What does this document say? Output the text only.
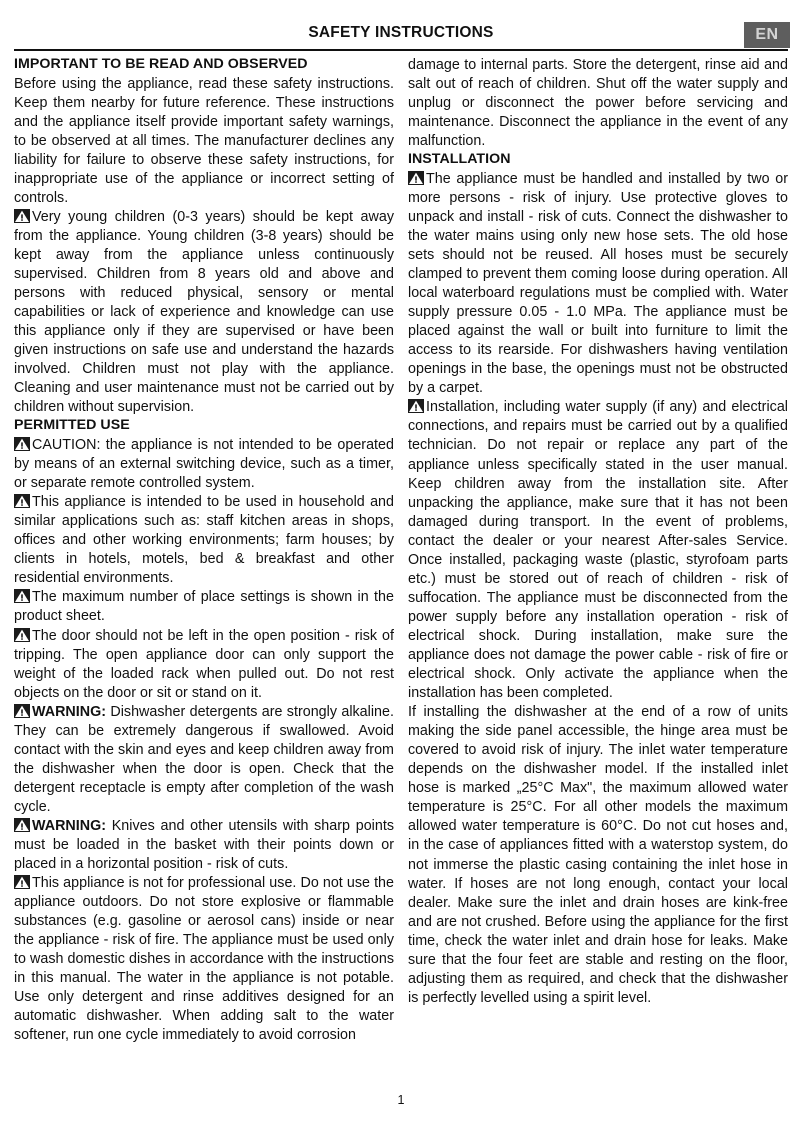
SAFETY INSTRUCTIONS	EN
IMPORTANT TO BE READ AND OBSERVED

Before using the appliance, read these safety instructions. Keep them nearby for future reference. These instructions and the appliance itself provide important safety warnings, to be observed at all times. The manufacturer declines any liability for failure to observe these safety instructions, for inappropriate use of the appliance or incorrect setting of controls.

Very young children (0-3 years) should be kept away from the appliance. Young children (3-8 years) should be kept away from the appliance unless continuously supervised. Children from 8 years old and above and persons with reduced physical, sensory or mental capabilities or lack of experience and knowledge can use this appliance only if they are supervised or have been given instructions on safe use and understand the hazards involved. Children must not play with the appliance. Cleaning and user maintenance must not be carried out by children without supervision.

PERMITTED USE

CAUTION: the appliance is not intended to be operated by means of an external switching device, such as a timer, or separate remote controlled system.

This appliance is intended to be used in household and similar applications such as: staff kitchen areas in shops, offices and other working environments; farm houses; by clients in hotels, motels, bed & breakfast and other residential environments.

The maximum number of place settings is shown in the product sheet.

The door should not be left in the open position - risk of tripping. The open appliance door can only support the weight of the loaded rack when pulled out. Do not rest objects on the door or sit or stand on it.

WARNING: Dishwasher detergents are strongly alkaline. They can be extremely dangerous if swallowed. Avoid contact with the skin and eyes and keep children away from the dishwasher when the door is open. Check that the detergent receptacle is empty after completion of the wash cycle.

WARNING: Knives and other utensils with sharp points must be loaded in the basket with their points down or placed in a horizontal position - risk of cuts.

This appliance is not for professional use. Do not use the appliance outdoors. Do not store explosive or flammable substances (e.g. gasoline or aerosol cans) inside or near the appliance - risk of fire. The appliance must be used only to wash domestic dishes in accordance with the instructions in this manual. The water in the appliance is not potable. Use only detergent and rinse additives designed for an automatic dishwasher. When adding salt to the water softener, run one cycle immediately to avoid corrosion

damage to internal parts. Store the detergent, rinse aid and salt out of reach of children. Shut off the water supply and unplug or disconnect the power before servicing and maintenance. Disconnect the appliance in the event of any malfunction.

INSTALLATION

The appliance must be handled and installed by two or more persons - risk of injury. Use protective gloves to unpack and install - risk of cuts. Connect the dishwasher to the water mains using only new hose sets. The old hose sets should not be reused. All hoses must be securely clamped to prevent them coming loose during operation. All local waterboard regulations must be complied with. Water supply pressure 0.05 - 1.0 MPa. The appliance must be placed against the wall or built into furniture to limit the access to its rearside. For dishwashers having ventilation openings in the base, the openings must not be obstructed by a carpet.

Installation, including water supply (if any) and electrical connections, and repairs must be carried out by a qualified technician. Do not repair or replace any part of the appliance unless specifically stated in the user manual. Keep children away from the installation site. After unpacking the appliance, make sure that it has not been damaged during transport. In the event of problems, contact the dealer or your nearest After-sales Service. Once installed, packaging waste (plastic, styrofoam parts etc.) must be stored out of reach of children - risk of suffocation. The appliance must be disconnected from the power supply before any installation operation - risk of electrical shock. During installation, make sure the appliance does not damage the power cable - risk of fire or electrical shock. Only activate the appliance when the installation has been completed.

If installing the dishwasher at the end of a row of units making the side panel accessible, the hinge area must be covered to avoid risk of injury. The inlet water temperature depends on the dishwasher model. If the installed inlet hose is marked „25°C Max", the maximum allowed water temperature is 25°C. For all other models the maximum allowed water temperature is 60°C. Do not cut hoses and, in the case of appliances fitted with a waterstop system, do not immerse the plastic casing containing the inlet hose in water. If hoses are not long enough, contact your local dealer. Make sure the inlet and drain hoses are kink-free and are not crushed. Before using the appliance for the first time, check the water inlet and drain hose for leaks. Make sure that the four feet are stable and resting on the floor, adjusting them as required, and check that the dishwasher is perfectly levelled using a spirit level.

1
